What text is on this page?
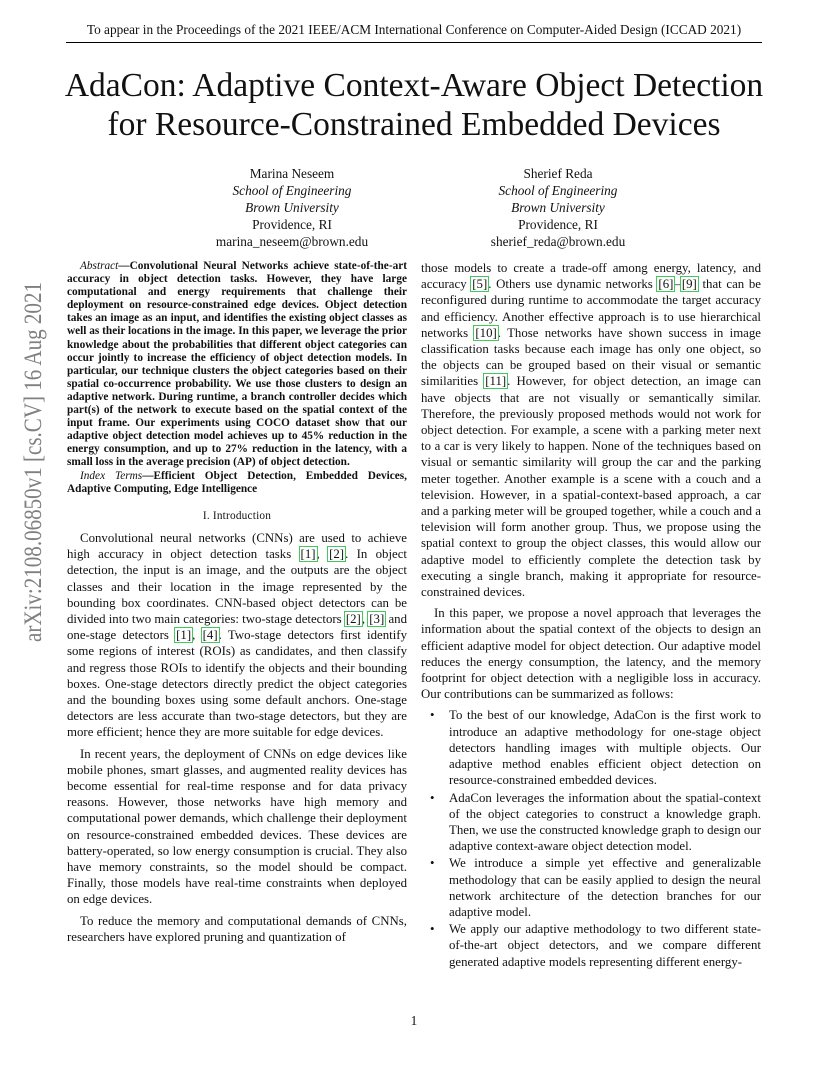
To appear in the Proceedings of the 2021 IEEE/ACM International Conference on Computer-Aided Design (ICCAD 2021)
AdaCon: Adaptive Context-Aware Object Detection
for Resource-Constrained Embedded Devices
Marina Neseem
School of Engineering
Brown University
Providence, RI
marina_neseem@brown.edu
Sherief Reda
School of Engineering
Brown University
Providence, RI
sherief_reda@brown.edu
arXiv:2108.06850v1 [cs.CV] 16 Aug 2021	Abstract—Convolutional Neural Networks achieve state-of-the-art accuracy in object detection tasks. However, they have large computational and energy requirements that challenge their deployment on resource-constrained edge devices. Object detection takes an image as an input, and identifies the existing object classes as well as their locations in the image. In this paper, we leverage the prior knowledge about the probabilities that different object categories can occur jointly to increase the efficiency of object detection models. In particular, our technique clusters the object categories based on their spatial co-occurrence probability. We use those clusters to design an adaptive network. During runtime, a branch controller decides which part(s) of the network to execute based on the spatial context of the input frame. Our experiments using COCO dataset show that our adaptive object detection model achieves up to 45% reduction in the energy consumption, and up to 27% reduction in the latency, with a small loss in the average precision (AP) of object detection.
Index Terms—Efficient Object Detection, Embedded Devices, Adaptive Computing, Edge Intelligence
I. Introduction

Convolutional neural networks (CNNs) are used to achieve high accuracy in object detection tasks [1], [2]. In object detection, the input is an image, and the outputs are the object classes and their location in the image represented by the bounding box coordinates. CNN-based object detectors can be divided into two main categories: two-stage detectors [2], [3] and one-stage detectors [1], [4]. Two-stage detectors first identify some regions of interest (ROIs) as candidates, and then classify and regress those ROIs to identify the objects and their bounding boxes. One-stage detectors directly predict the object categories and the bounding boxes using some default anchors. One-stage detectors are less accurate than two-stage detectors, but they are more efficient; hence they are more suitable for edge devices.

In recent years, the deployment of CNNs on edge devices like mobile phones, smart glasses, and augmented reality devices has become essential for real-time response and for data privacy reasons. However, those networks have high memory and computational power demands, which challenge their deployment on resource-constrained embedded devices. These devices are battery-operated, so low energy consumption is crucial. They also have memory constraints, so the model should be compact. Finally, those models have real-time constraints when deployed on edge devices.

To reduce the memory and computational demands of CNNs, researchers have explored pruning and quantization of

those models to create a trade-off among energy, latency, and accuracy [5]. Others use dynamic networks [6]–[9] that can be reconfigured during runtime to accommodate the target accuracy and efficiency. Another effective approach is to use hierarchical networks [10]. Those networks have shown success in image classification tasks because each image has only one object, so the objects can be grouped based on their visual or semantic similarities [11]. However, for object detection, an image can have objects that are not visually or semantically similar. Therefore, the previously proposed methods would not work for object detection. For example, a scene with a parking meter next to a car is very likely to happen. None of the techniques based on visual or semantic similarity will group the car and the parking meter together. Another example is a scene with a couch and a television. However, in a spatial-context-based approach, a car and a parking meter will be grouped together, while a couch and a television will form another group. Thus, we propose using the spatial context to group the object classes, this would allow our adaptive model to efficiently complete the detection task by executing a single branch, making it appropriate for resource-constrained devices.

In this paper, we propose a novel approach that leverages the information about the spatial context of the objects to design an efficient adaptive model for object detection. Our adaptive model reduces the energy consumption, the latency, and the memory footprint for object detection with a negligible loss in accuracy. Our contributions can be summarized as follows:

• To the best of our knowledge, AdaCon is the first work to introduce an adaptive methodology for one-stage object detectors handling images with multiple objects. Our adaptive method enables efficient object detection on resource-constrained embedded devices.
• AdaCon leverages the information about the spatial-context of the object categories to construct a knowledge graph. Then, we use the constructed knowledge graph to design our adaptive context-aware object detection model.
• We introduce a simple yet effective and generalizable methodology that can be easily applied to design the neural network architecture of the detection branches for our adaptive model.
• We apply our adaptive methodology to two different state-of-the-art object detectors, and we compare different generated adaptive models representing different energy-
1
